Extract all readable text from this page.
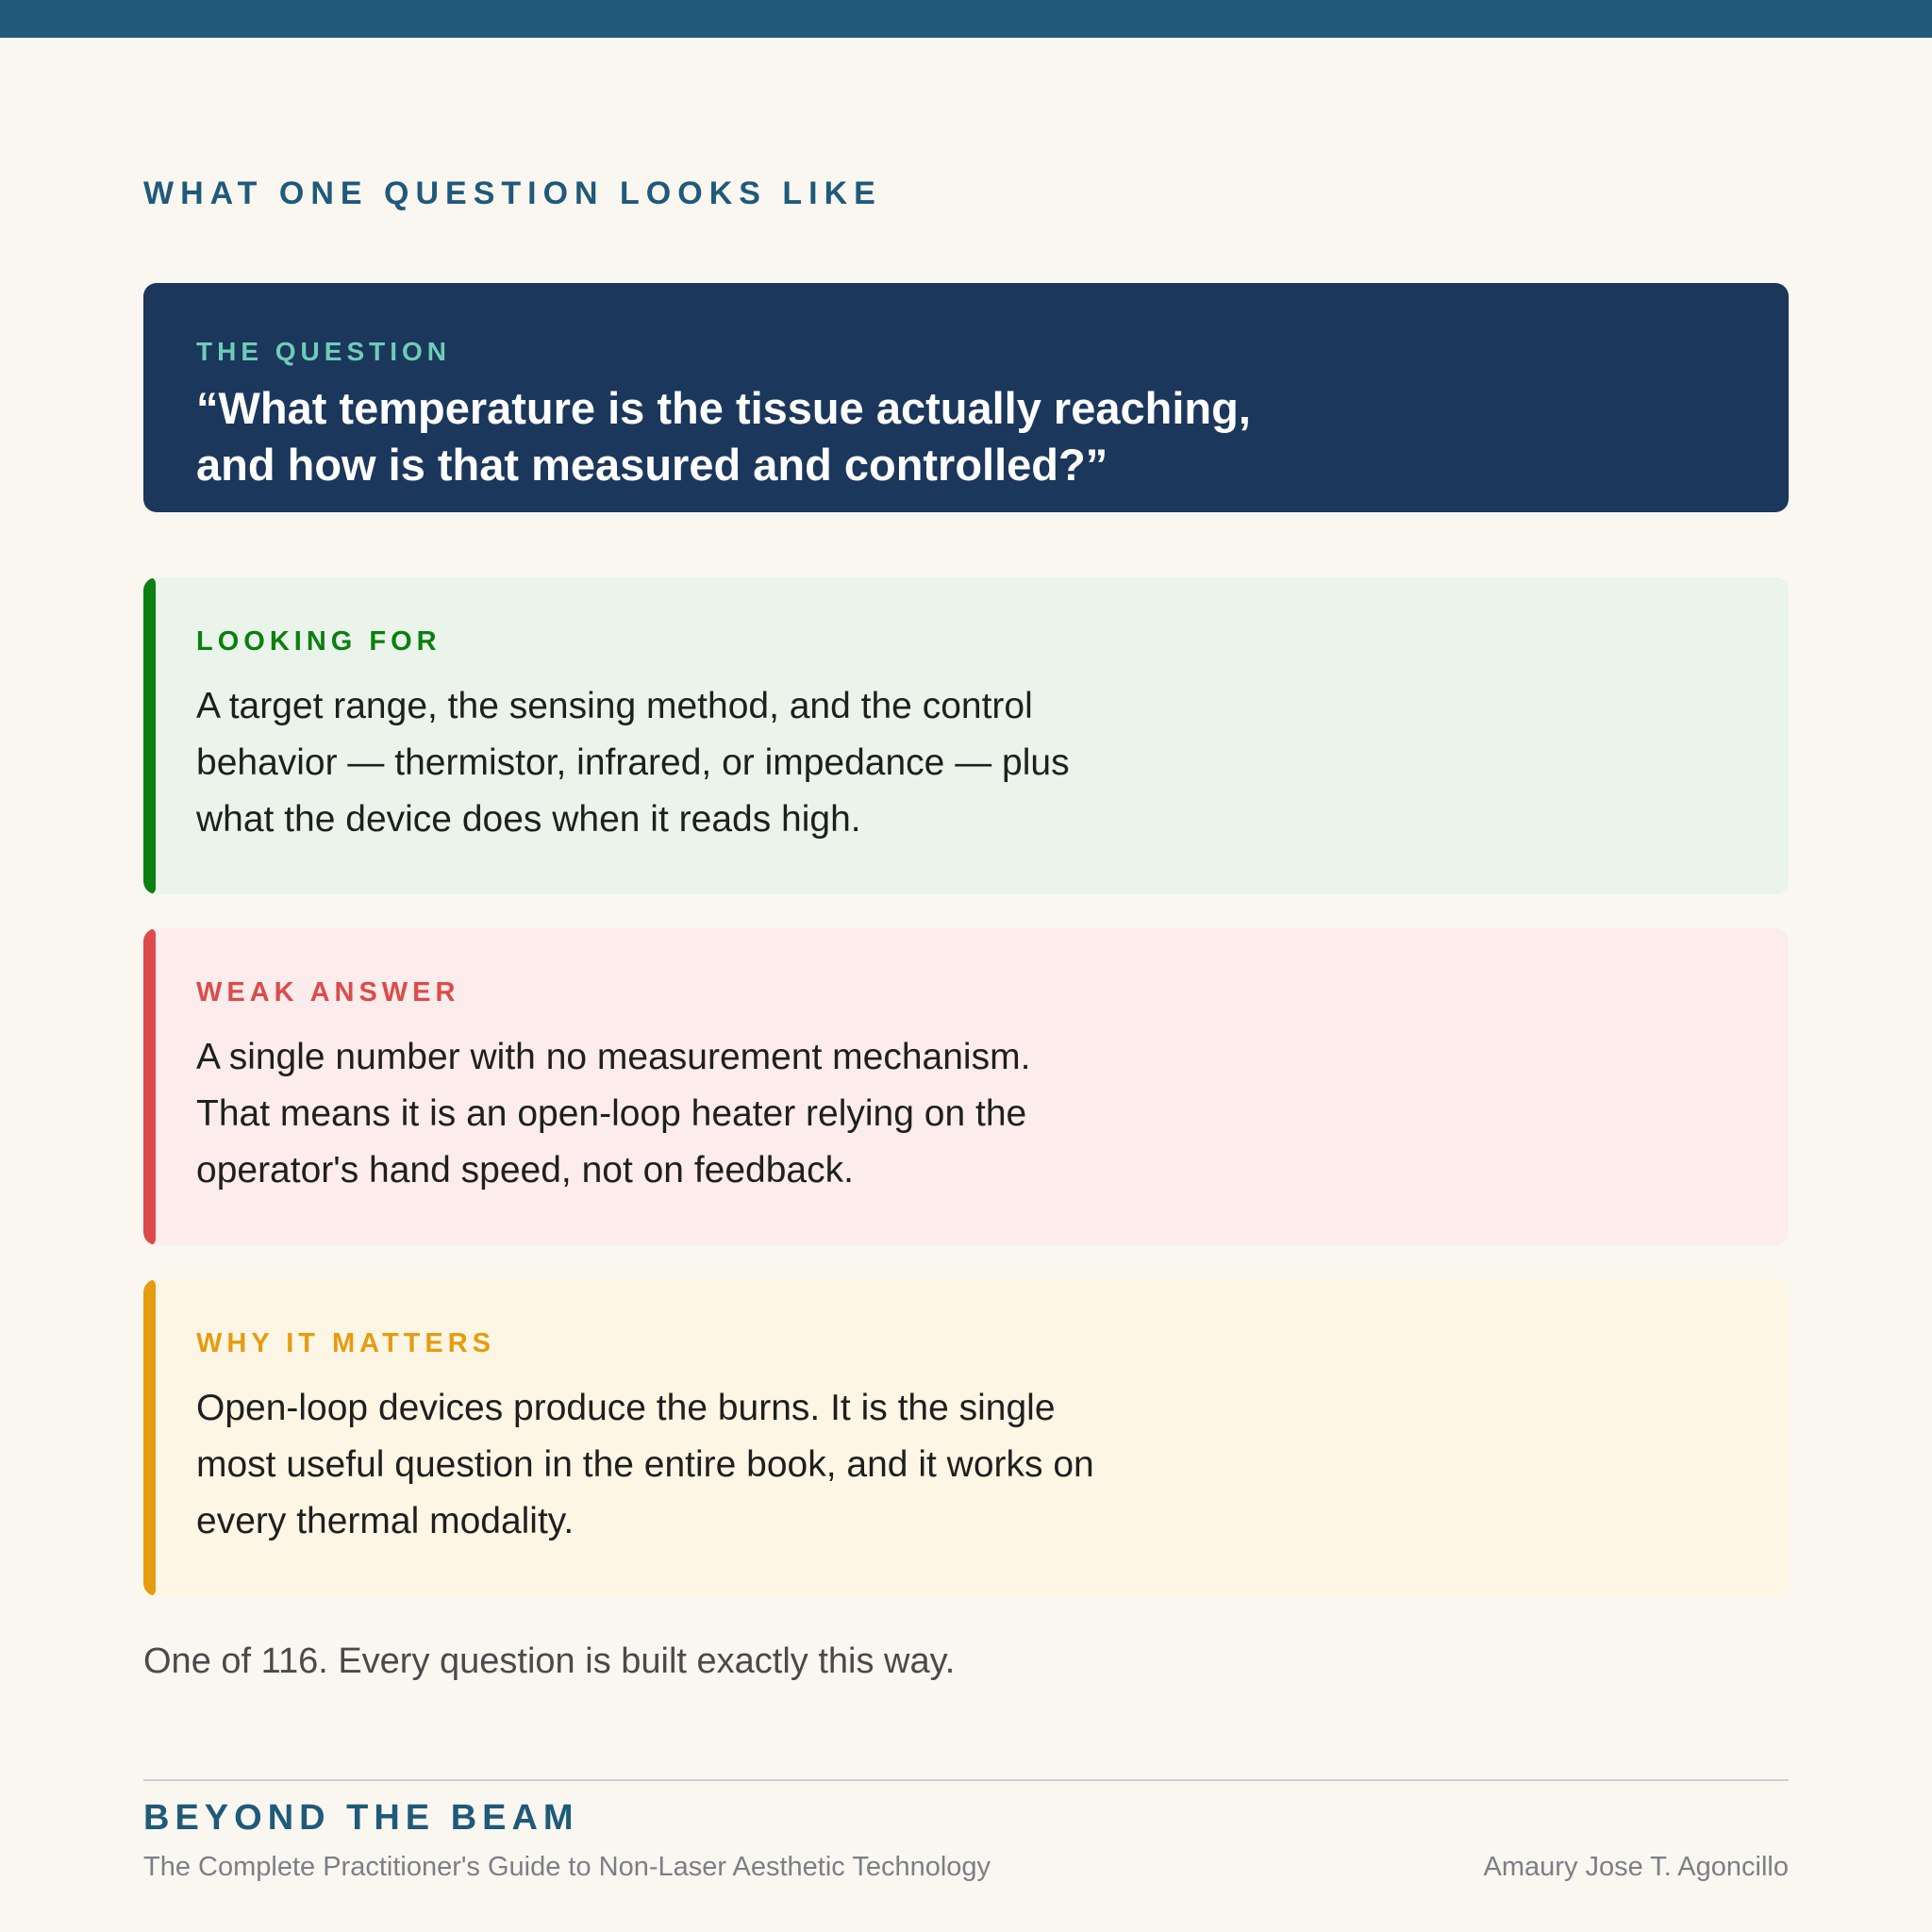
WHAT ONE QUESTION LOOKS LIKE
THE QUESTION
“What temperature is the tissue actually reaching, and how is that measured and controlled?”
LOOKING FOR
A target range, the sensing method, and the control behavior — thermistor, infrared, or impedance — plus what the device does when it reads high.
WEAK ANSWER
A single number with no measurement mechanism. That means it is an open-loop heater relying on the operator's hand speed, not on feedback.
WHY IT MATTERS
Open-loop devices produce the burns. It is the single most useful question in the entire book, and it works on every thermal modality.
One of 116. Every question is built exactly this way.
BEYOND THE BEAM
The Complete Practitioner's Guide to Non-Laser Aesthetic Technology	Amaury Jose T. Agoncillo
